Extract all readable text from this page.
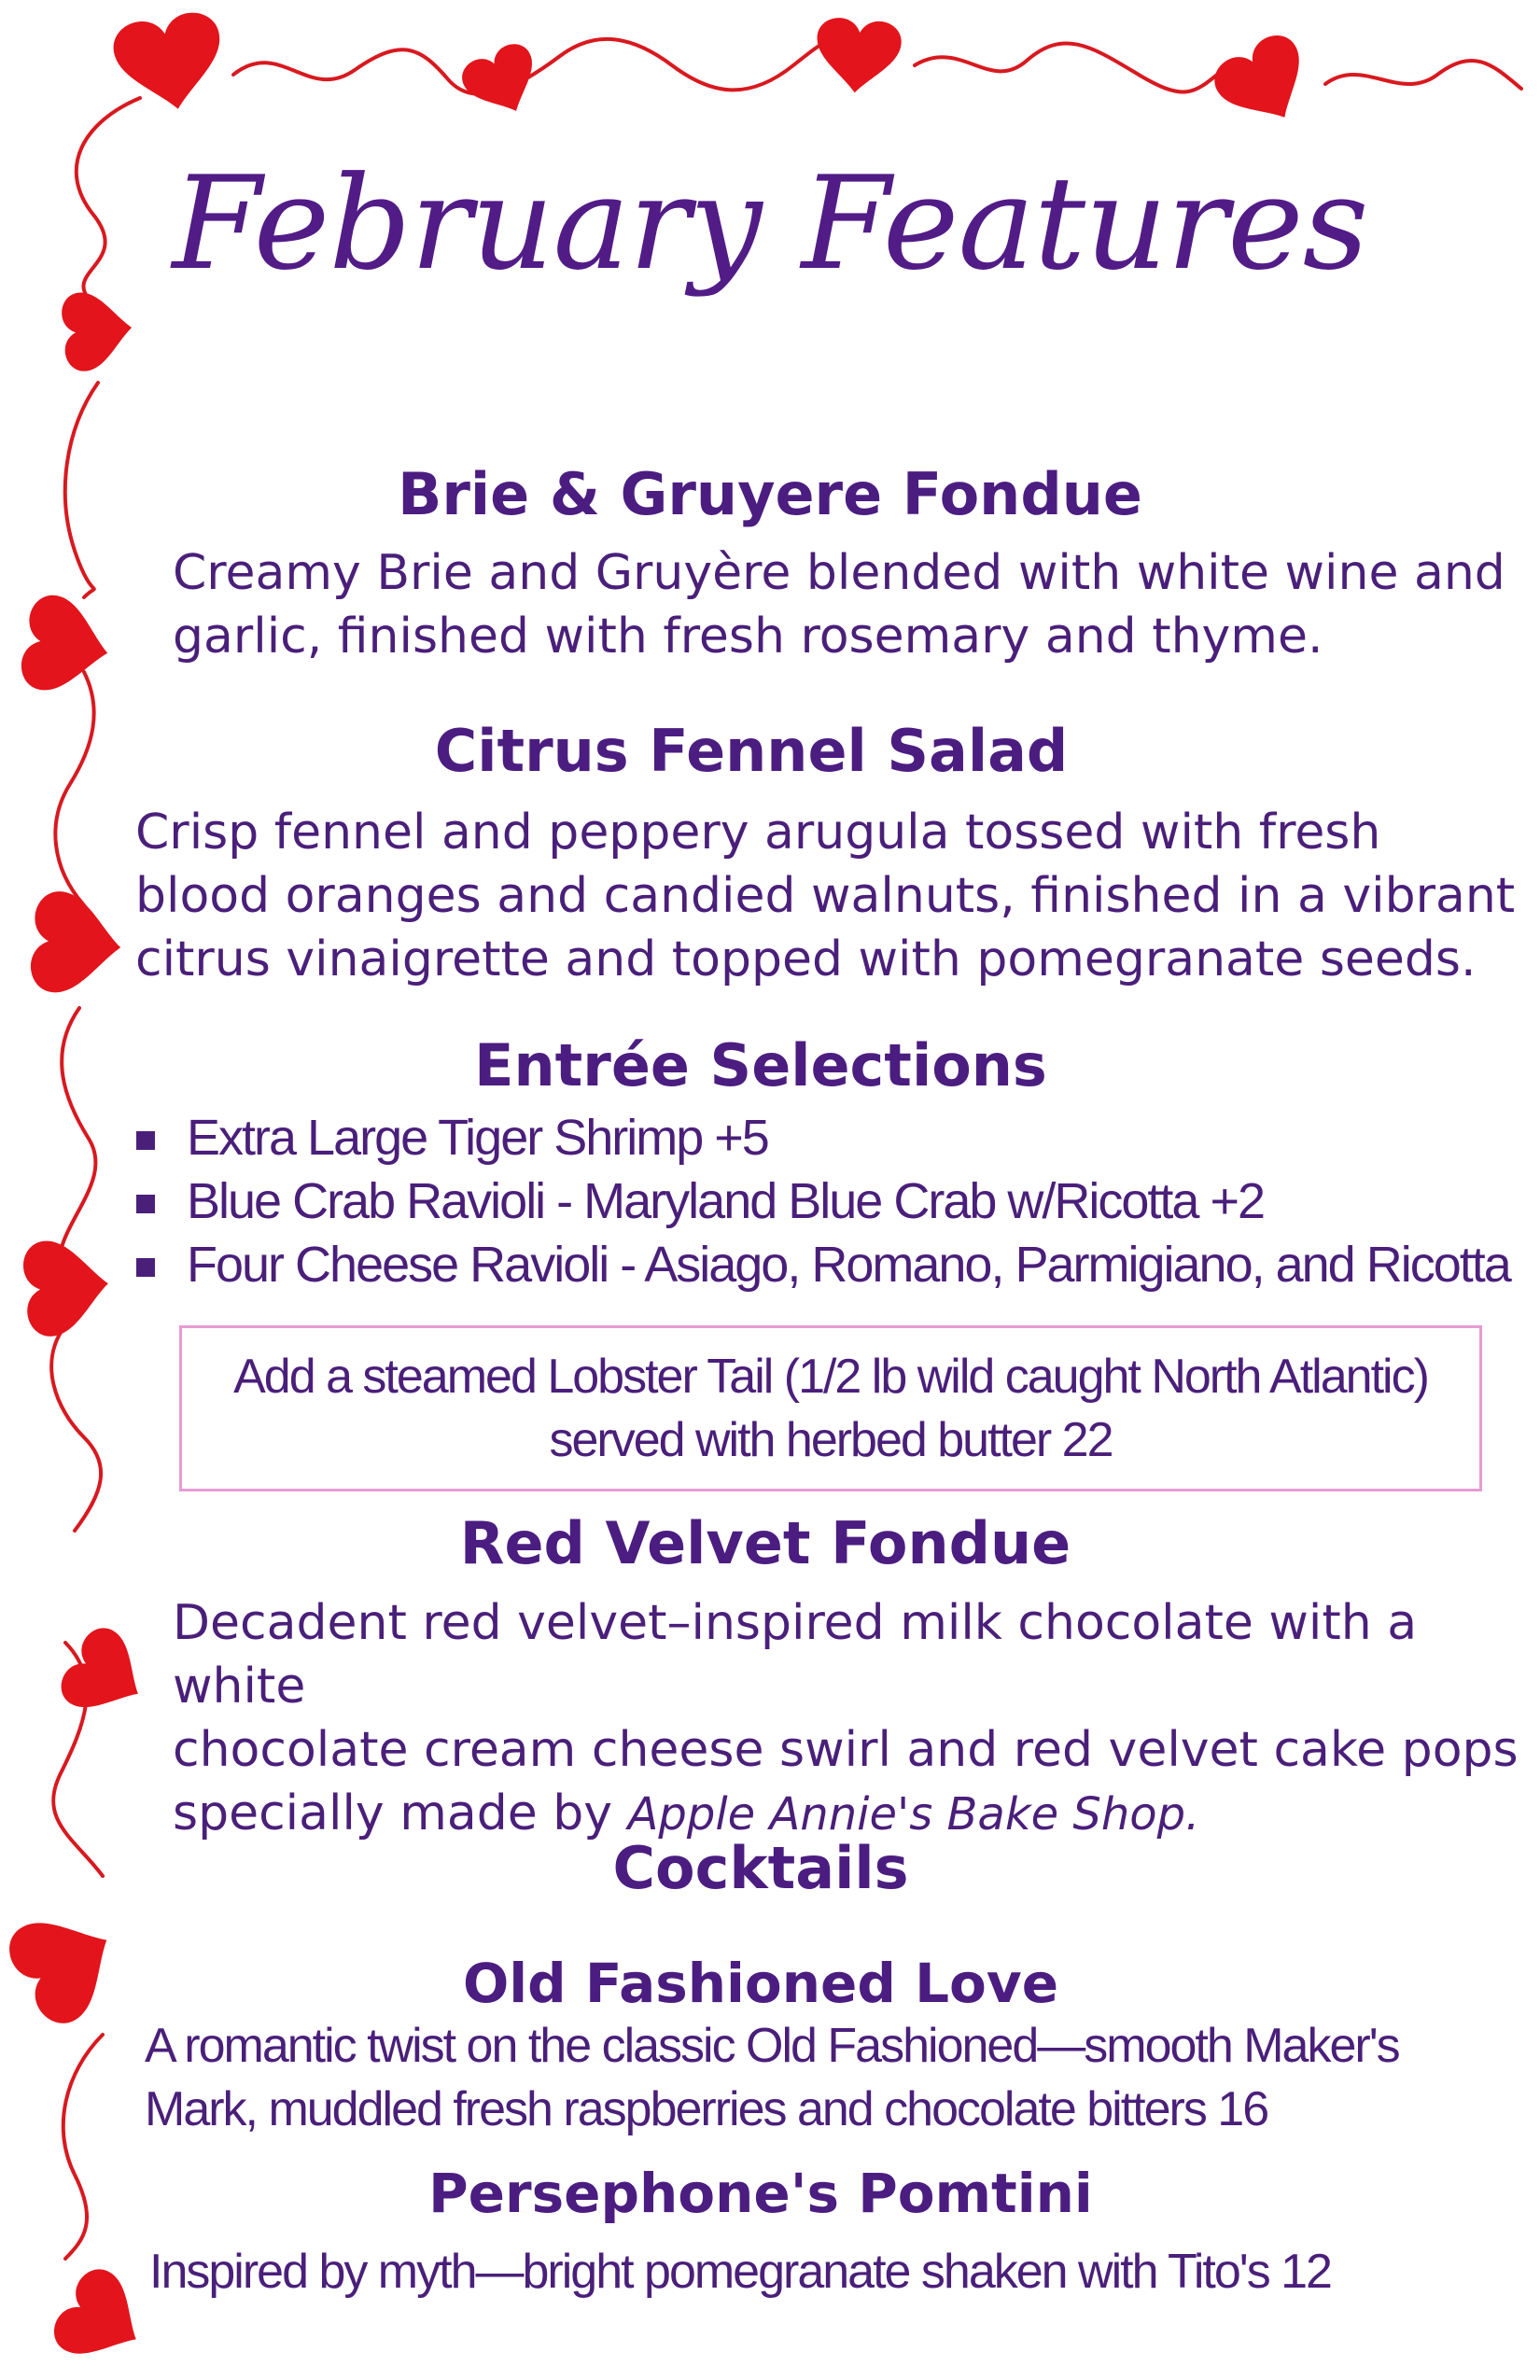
February Features
Brie & Gruyere Fondue
Creamy Brie and Gruyère blended with white wine and
garlic, finished with fresh rosemary and thyme.
Citrus Fennel Salad
Crisp fennel and peppery arugula tossed with fresh
blood oranges and candied walnuts, finished in a vibrant
citrus vinaigrette and topped with pomegranate seeds.
Entrée Selections
Extra Large Tiger Shrimp +5
Blue Crab Ravioli - Maryland Blue Crab w/Ricotta +2
Four Cheese Ravioli - Asiago, Romano, Parmigiano, and Ricotta
Add a steamed Lobster Tail (1/2 lb wild caught North Atlantic)
served with herbed butter 22
Red Velvet Fondue
Decadent red velvet–inspired milk chocolate with a white
chocolate cream cheese swirl and red velvet cake pops
specially made by Apple Annie's Bake Shop.
Cocktails
Old Fashioned Love
A romantic twist on the classic Old Fashioned—smooth Maker's
Mark, muddled fresh raspberries and chocolate bitters 16
Persephone's Pomtini
Inspired by myth—bright pomegranate shaken with Tito's 12
